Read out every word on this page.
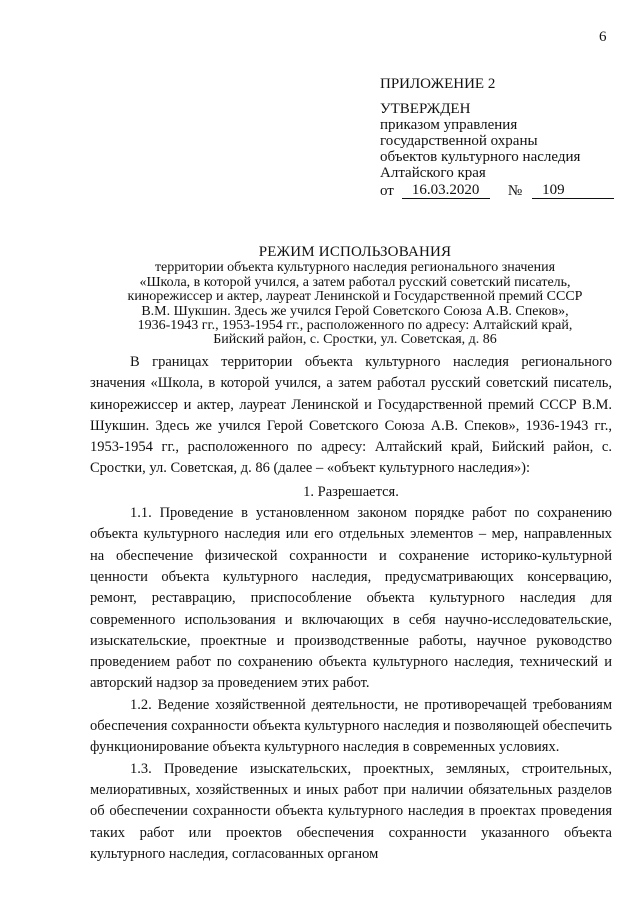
6
ПРИЛОЖЕНИЕ 2
УТВЕРЖДЕН
приказом управления
государственной охраны
объектов культурного наследия
Алтайского края
от	16.03.2020	№	109
РЕЖИМ ИСПОЛЬЗОВАНИЯ
территории объекта культурного наследия регионального значения
«Школа, в которой учился, а затем работал русский советский писатель,
кинорежиссер и актер, лауреат Ленинской и Государственной премий СССР
В.М. Шукшин. Здесь же учился Герой Советского Союза А.В. Спеков»,
1936-1943 гг., 1953-1954 гг., расположенного по адресу: Алтайский край,
Бийский район, с. Сростки, ул. Советская, д. 86

В границах территории объекта культурного наследия регионального значения «Школа, в которой учился, а затем работал русский советский писатель, кинорежиссер и актер, лауреат Ленинской и Государственной премий СССР В.М. Шукшин. Здесь же учился Герой Советского Союза А.В. Спеков», 1936-1943 гг., 1953-1954 гг., расположенного по адресу: Алтайский край, Бийский район, с. Сростки, ул. Советская, д. 86 (далее – «объект культурного наследия»):

1. Разрешается.

1.1. Проведение в установленном законом порядке работ по сохранению объекта культурного наследия или его отдельных элементов – мер, направленных на обеспечение физической сохранности и сохранение историко-культурной ценности объекта культурного наследия, предусматривающих консервацию, ремонт, реставрацию, приспособление объекта культурного наследия для современного использования и включающих в себя научно-исследовательские, изыскательские, проектные и производственные работы, научное руководство проведением работ по сохранению объекта культурного наследия, технический и авторский надзор за проведением этих работ.

1.2. Ведение хозяйственной деятельности, не противоречащей требованиям обеспечения сохранности объекта культурного наследия и позволяющей обеспечить функционирование объекта культурного наследия в современных условиях.

1.3. Проведение изыскательских, проектных, земляных, строительных, мелиоративных, хозяйственных и иных работ при наличии обязательных разделов об обеспечении сохранности объекта культурного наследия в проектах проведения таких работ или проектов обеспечения сохранности указанного объекта культурного наследия, согласованных органом
